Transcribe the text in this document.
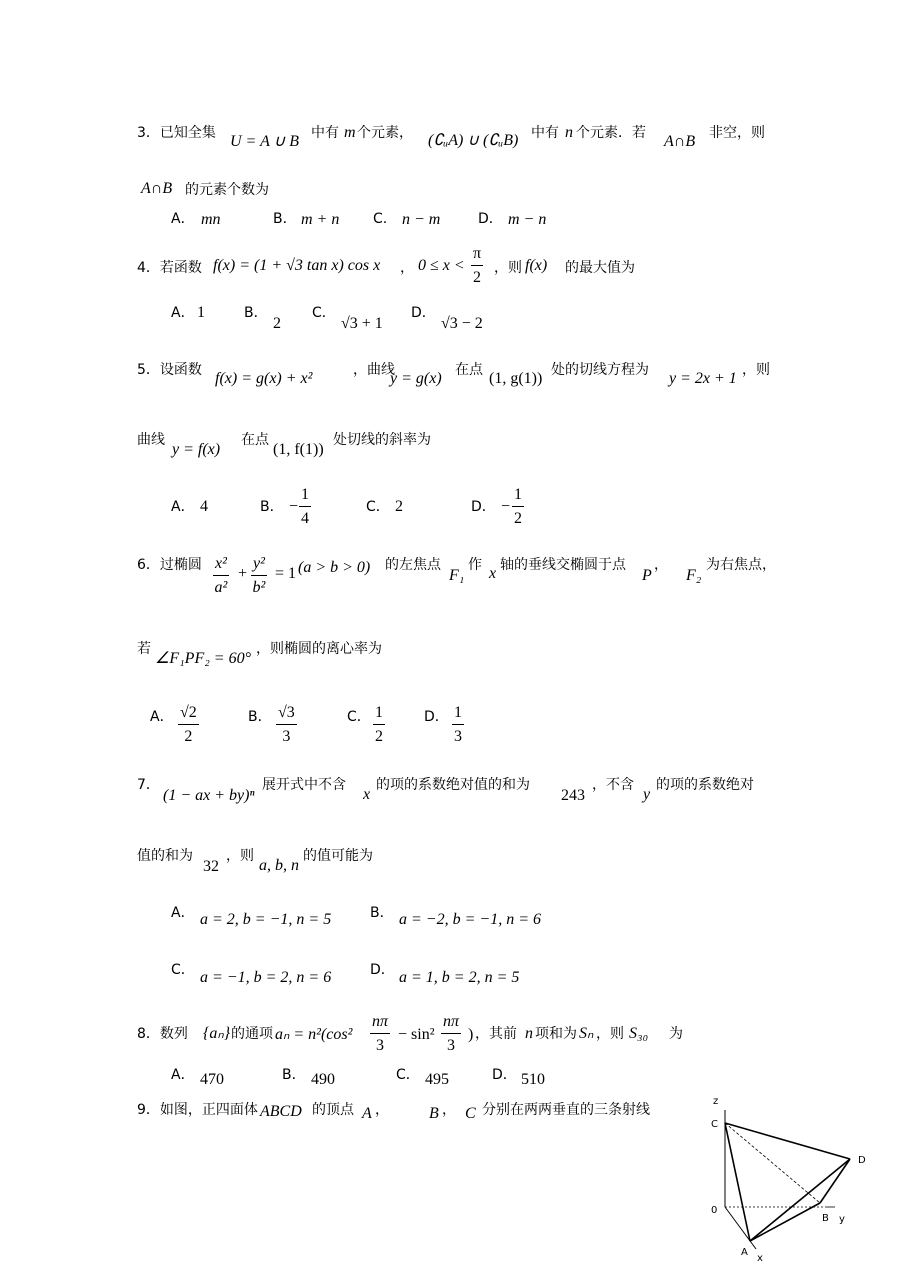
3．已知全集 U = A ∪ B 中有 m 个元素， (∁ᵤA) ∪ (∁ᵤB) 中有 n 个元素．若 A∩B 非空，则
A∩B 的元素个数为
A． mn	B． m + n C. n − m	D． m − n
4．若函数 f(x) = (1 + √3 tan x) cos x ， $0 \le x < \frac{\pi}{2}$ ，则 f(x) 的最大值为
A． 1	B．
2
C．
√3 + 1
D．
√3 − 2
5．设函数 f(x) = g(x) + x²	，曲线
y = g(x) 在点 (1, g(1)) 处的切线方程为 y = 2x + 1 ，则
曲线
y = f(x)
在点
(1, f(1))
处切线的斜率为
A． 4	B． − $\frac{1}{4}$	C． 2	D． − $\frac{1}{2}$
6．过椭圆 $\frac{\text{x²}}{\text{a²}} + \frac{\text{y²}}{\text{b²}} = 1$ (a > b > 0) 的左焦点
F₁
作 x 轴的垂线交椭圆于点
P
，
F₂
为右焦点，
若
∠F₁PF₂ = 60°
，则椭圆的离心率为
A． $\frac{√2}{2}$	B． $\frac{√3}{3}$	C． $\frac{1}{2}$	D． $\frac{1}{3}$
7．
(1 − ax + by)ⁿ
展开式中不含
x
的项的系数绝对值的和为
243
，不含
y
的项的系数绝对
值的和为
32
，则
a, b, n
的值可能为
A． a = 2, b = −1, n = 5	B． a = −2, b = −1, n = 6
C． a = −1, b = 2, n = 6	D． a = 1, b = 2, n = 5
8．数列 {aₙ} 的通项 $a_n = n^2(\cos^2 \frac{n\pi}{3} - \sin^2 \frac{n\pi}{3}$ ) ，其前 n 项和为 Sₙ ，则 S₃₀ 为
A． 470	B． 490	C． 495	D． 510
9．如图，正四面体 ABCD 的顶点 A ，	B ， C 分别在两两垂直的三条射线
z
C
D
0
B y
A
x
